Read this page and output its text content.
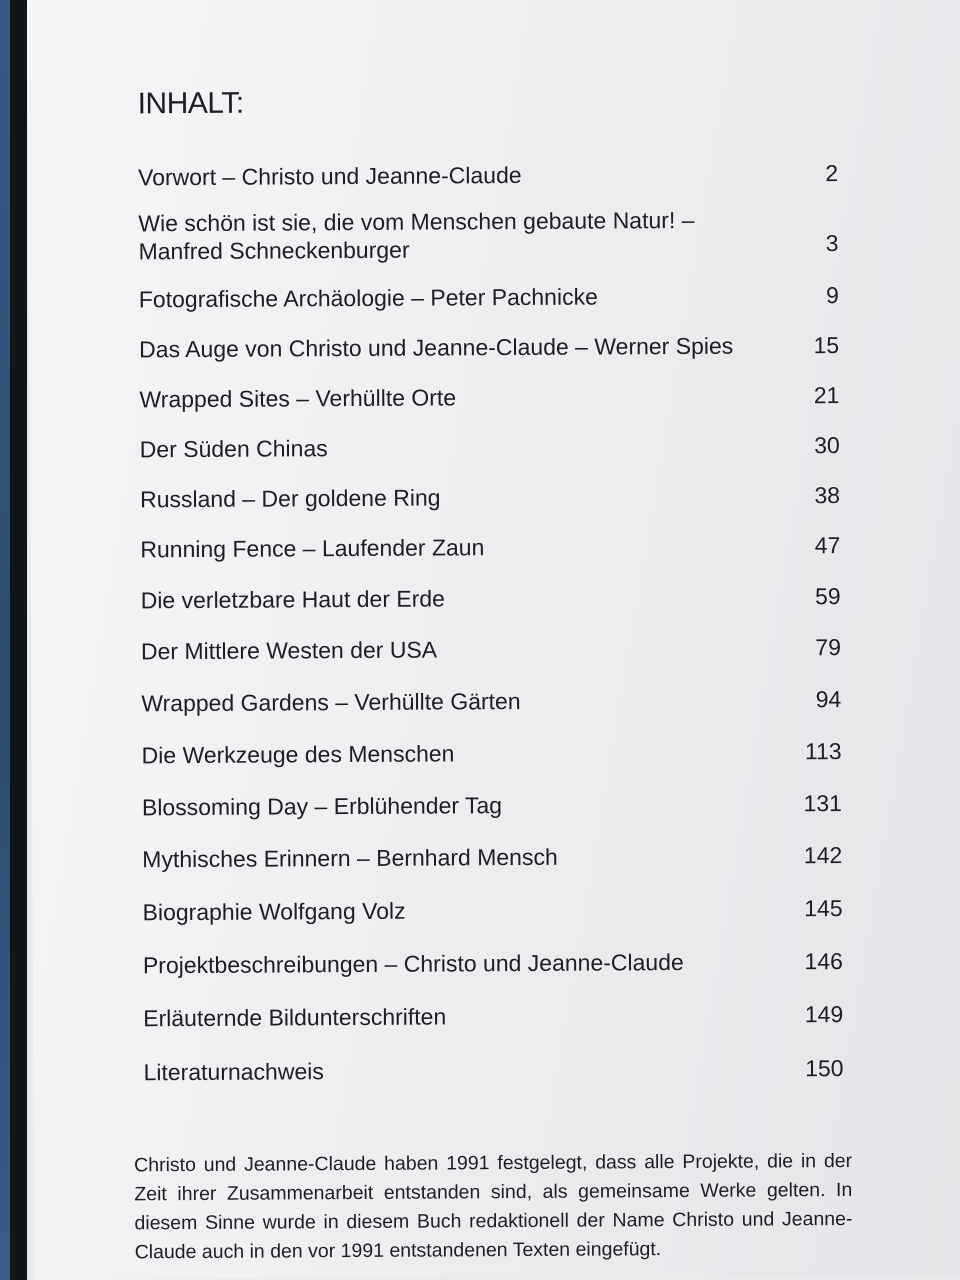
INHALT:
Vorwort – Christo und Jeanne-Claude	2
Wie schön ist sie, die vom Menschen gebaute Natur! – Manfred Schneckenburger	3
Fotografische Archäologie – Peter Pachnicke	9
Das Auge von Christo und Jeanne-Claude – Werner Spies	15
Wrapped Sites – Verhüllte Orte	21
Der Süden Chinas	30
Russland – Der goldene Ring	38
Running Fence – Laufender Zaun	47
Die verletzbare Haut der Erde	59
Der Mittlere Westen der USA	79
Wrapped Gardens – Verhüllte Gärten	94
Die Werkzeuge des Menschen	113
Blossoming Day – Erblühender Tag	131
Mythisches Erinnern – Bernhard Mensch	142
Biographie Wolfgang Volz	145
Projektbeschreibungen – Christo und Jeanne-Claude	146
Erläuternde Bildunterschriften	149
Literaturnachweis	150
Christo und Jeanne-Claude haben 1991 festgelegt, dass alle Projekte, die in der Zeit ihrer Zusammenarbeit entstanden sind, als gemeinsame Werke gelten. In diesem Sinne wurde in diesem Buch redaktionell der Name Christo und Jeanne-Claude auch in den vor 1991 entstandenen Texten eingefügt.
